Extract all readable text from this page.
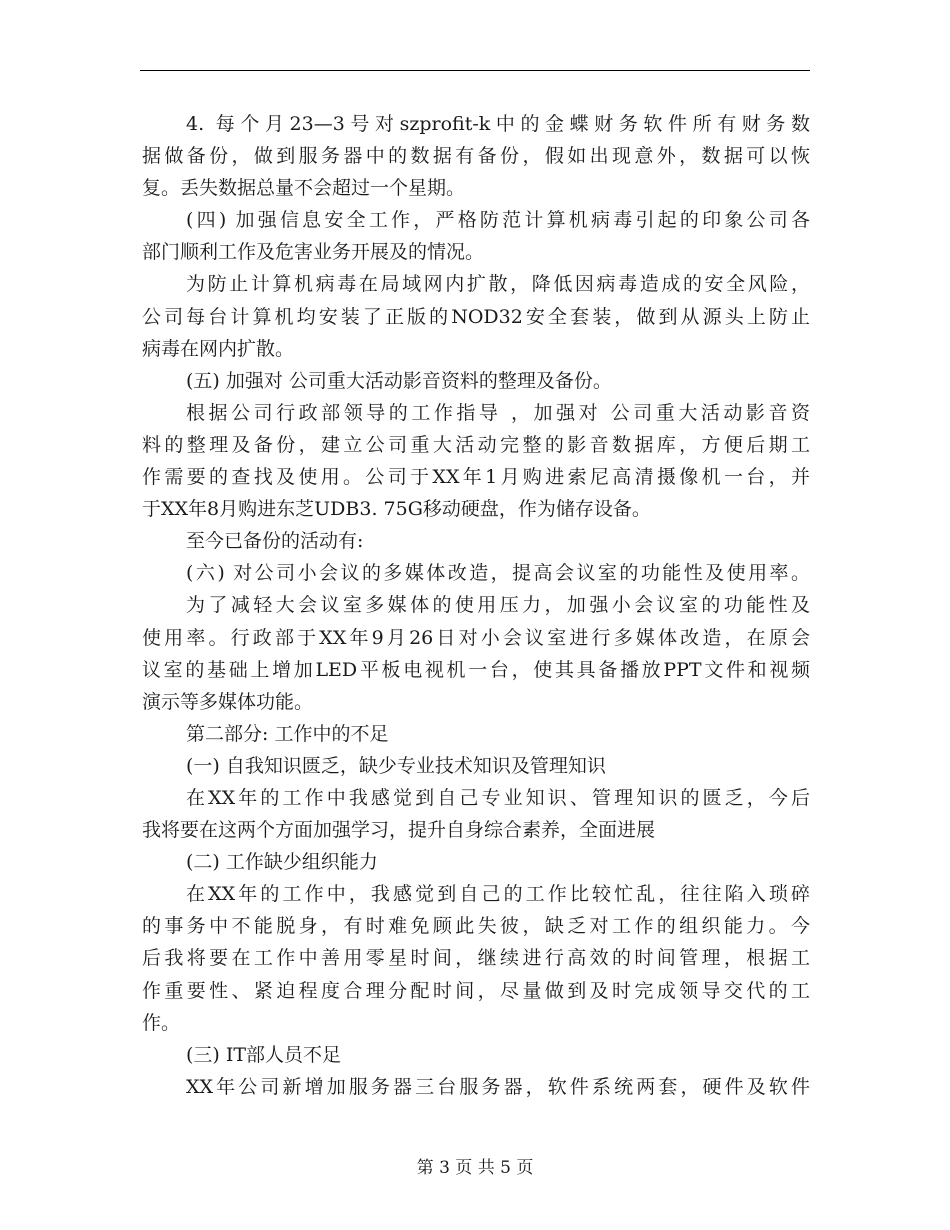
4. 每个月23—3号对szprofit-k中的金蝶财务软件所有财务数
据做备份，做到服务器中的数据有备份，假如出现意外，数据可以恢
复。丢失数据总量不会超过一个星期。
(四) 加强信息安全工作，严格防范计算机病毒引起的印象公司各
部门顺利工作及危害业务开展及的情况。
为防止计算机病毒在局域网内扩散，降低因病毒造成的安全风险，
公司每台计算机均安装了正版的NOD32安全套装，做到从源头上防止
病毒在网内扩散。
(五) 加强对 公司重大活动影音资料的整理及备份。
根据公司行政部领导的工作指导 ，加强对 公司重大活动影音资
料的整理及备份，建立公司重大活动完整的影音数据库，方便后期工
作需要的查找及使用。公司于XX年1月购进索尼高清摄像机一台，并
于XX年8月购进东芝UDB3. 75G移动硬盘，作为储存设备。
至今已备份的活动有:
(六) 对公司小会议的多媒体改造，提高会议室的功能性及使用率。
为了减轻大会议室多媒体的使用压力，加强小会议室的功能性及
使用率。行政部于XX年9月26日对小会议室进行多媒体改造，在原会
议室的基础上增加LED平板电视机一台，使其具备播放PPT文件和视频
演示等多媒体功能。
第二部分: 工作中的不足
(一) 自我知识匮乏，缺少专业技术知识及管理知识
在XX年的工作中我感觉到自己专业知识、管理知识的匮乏，今后
我将要在这两个方面加强学习，提升自身综合素养，全面进展
(二) 工作缺少组织能力
在XX年的工作中，我感觉到自己的工作比较忙乱，往往陷入琐碎
的事务中不能脱身，有时难免顾此失彼，缺乏对工作的组织能力。今
后我将要在工作中善用零星时间，继续进行高效的时间管理，根据工
作重要性、紧迫程度合理分配时间，尽量做到及时完成领导交代的工
作。
(三) IT部人员不足
XX年公司新增加服务器三台服务器，软件系统两套，硬件及软件
第 3 页 共 5 页
